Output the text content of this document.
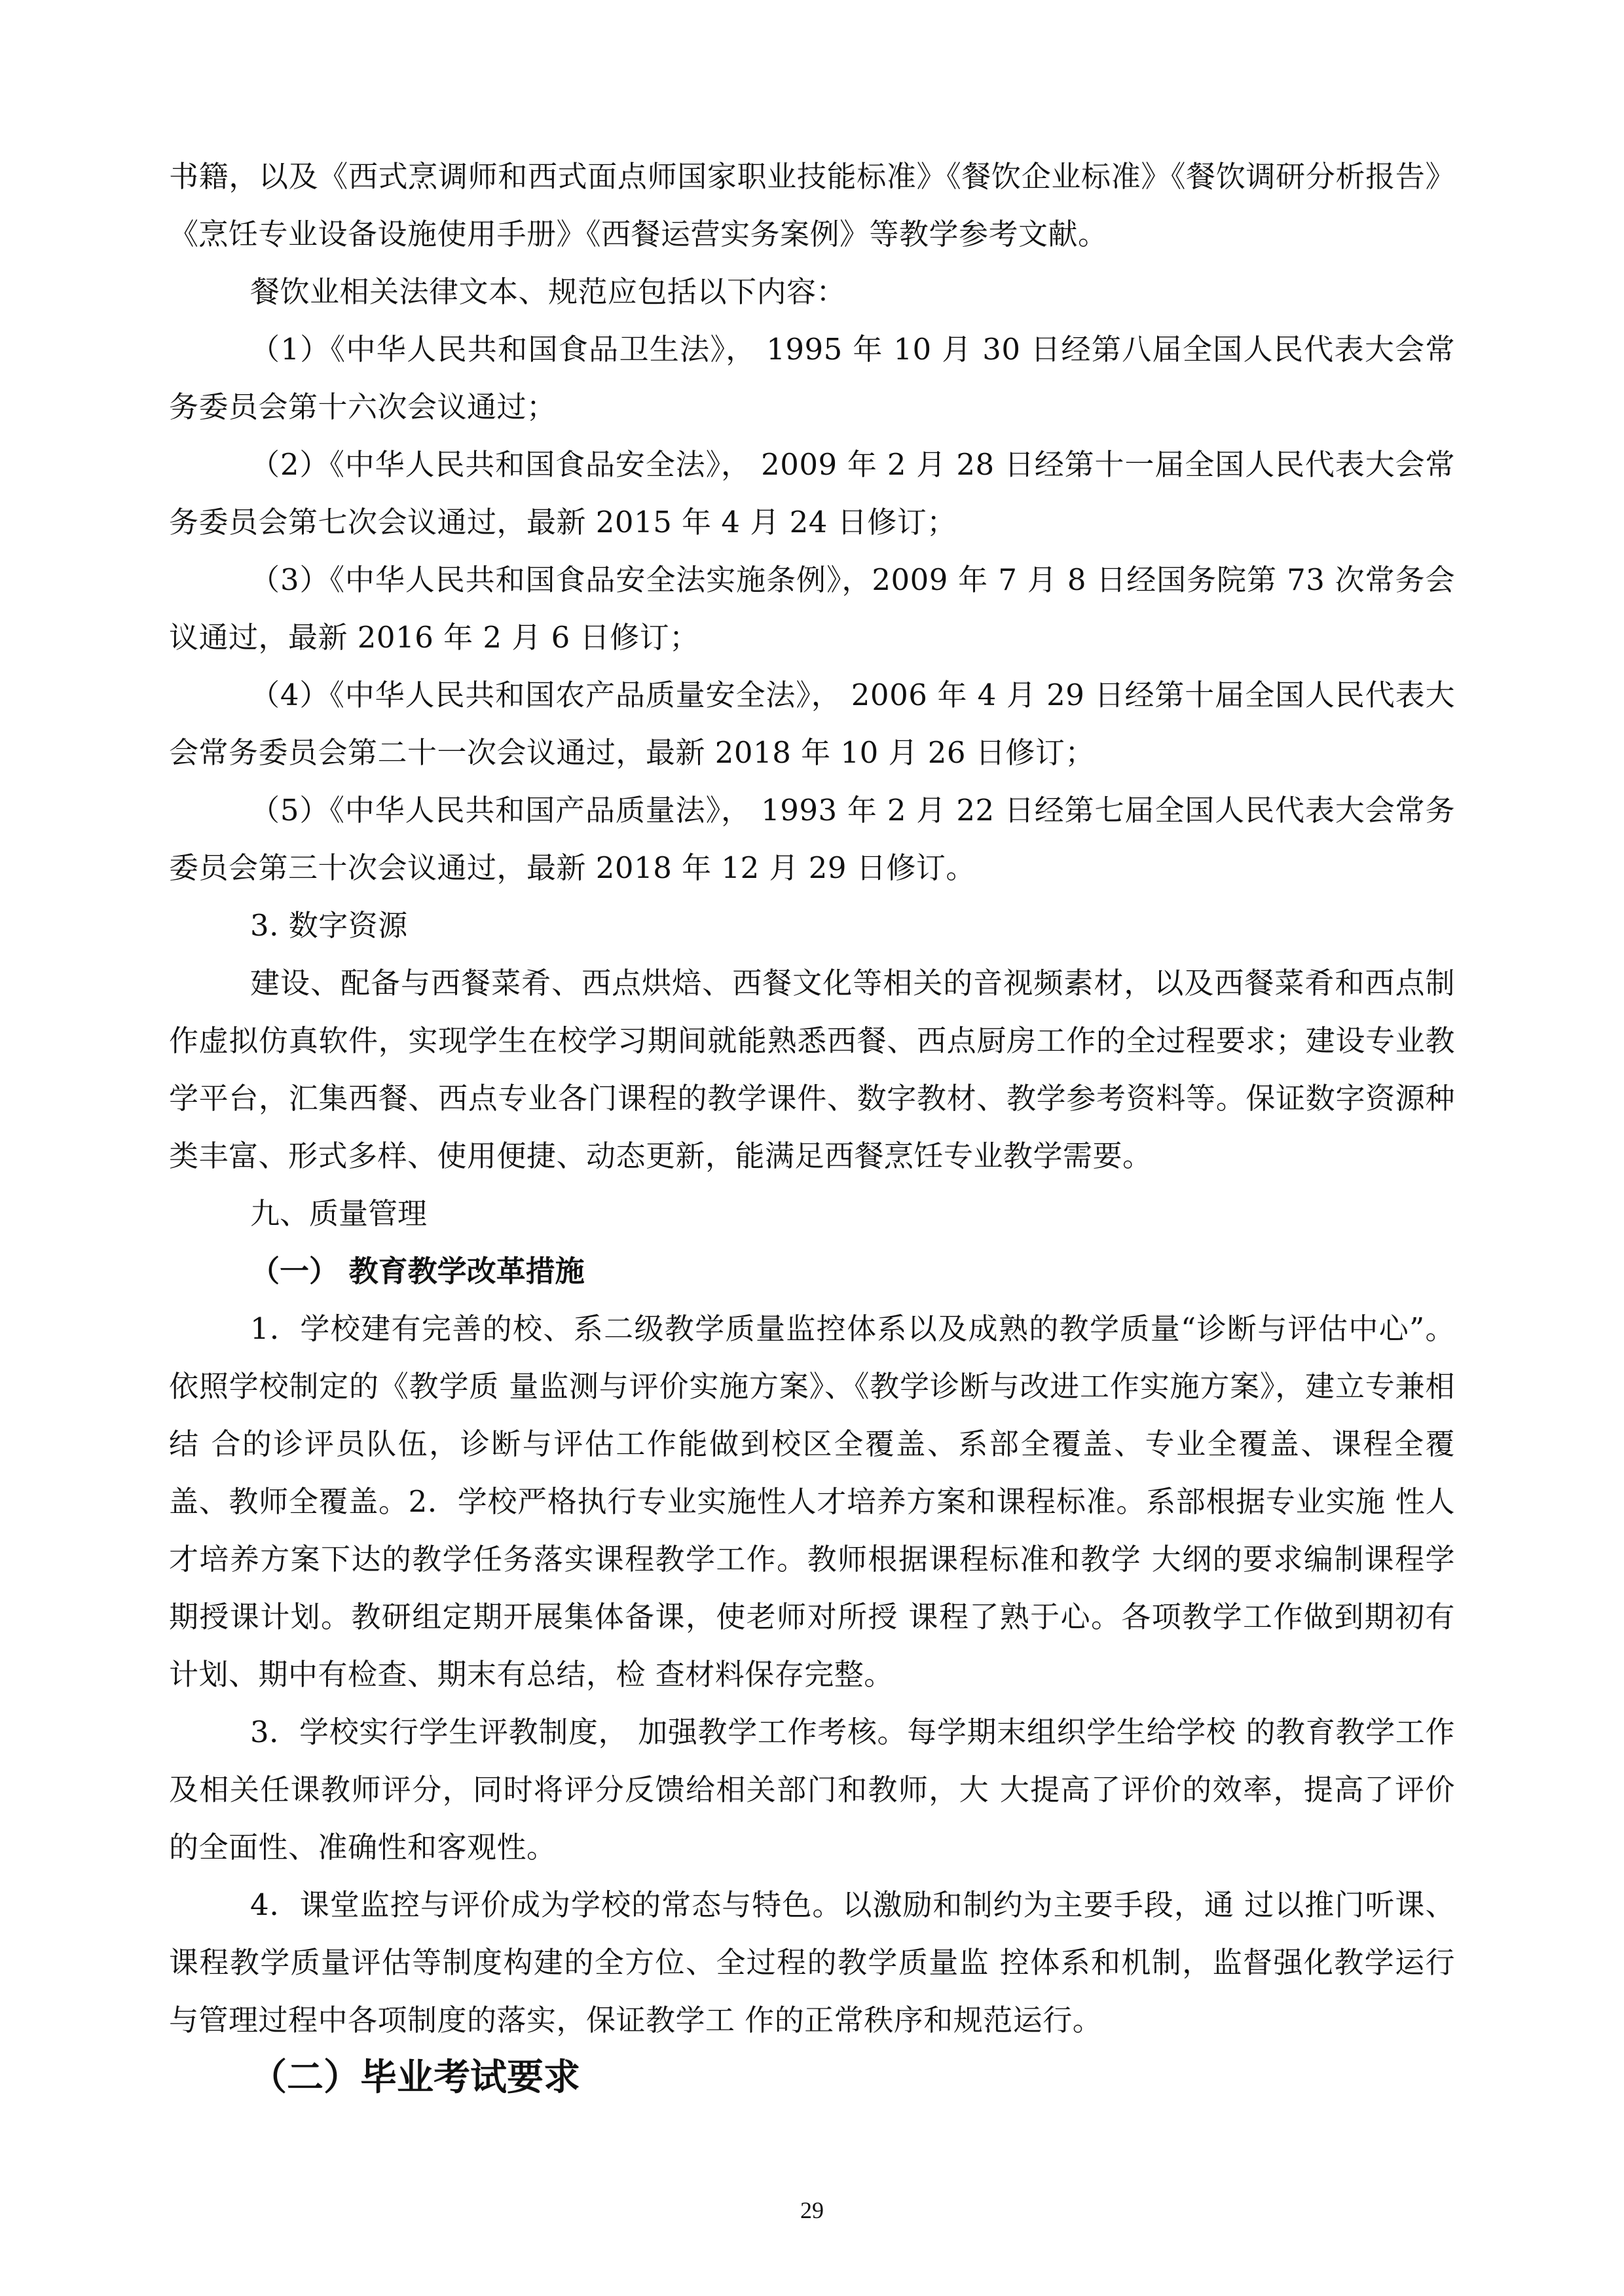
书籍，以及《西式烹调师和西式面点师国家职业技能标准》《餐饮企业标准》《餐饮调研分析报告》《烹饪专业设备设施使用手册》《西餐运营实务案例》等教学参考文献。

餐饮业相关法律文本、规范应包括以下内容：

（1）《中华人民共和国食品卫生法》， 1995 年 10 月 30 日经第八届全国人民代表大会常务委员会第十六次会议通过；

（2）《中华人民共和国食品安全法》， 2009 年 2 月 28 日经第十一届全国人民代表大会常务委员会第七次会议通过，最新 2015 年 4 月 24 日修订；

（3）《中华人民共和国食品安全法实施条例》，2009 年 7 月 8 日经国务院第 73 次常务会议通过，最新 2016 年 2 月 6 日修订；

（4）《中华人民共和国农产品质量安全法》， 2006 年 4 月 29 日经第十届全国人民代表大会常务委员会第二十一次会议通过，最新 2018 年 10 月 26 日修订；

（5）《中华人民共和国产品质量法》， 1993 年 2 月 22 日经第七届全国人民代表大会常务委员会第三十次会议通过，最新 2018 年 12 月 29 日修订。

3. 数字资源

建设、配备与西餐菜肴、西点烘焙、西餐文化等相关的音视频素材，以及西餐菜肴和西点制作虚拟仿真软件，实现学生在校学习期间就能熟悉西餐、西点厨房工作的全过程要求；建设专业教学平台，汇集西餐、西点专业各门课程的教学课件、数字教材、教学参考资料等。保证数字资源种类丰富、形式多样、使用便捷、动态更新，能满足西餐烹饪专业教学需要。

九、质量管理

（一） 教育教学改革措施

1．学校建有完善的校、系二级教学质量监控体系以及成熟的教学质量“诊断与评估中心”。 依照学校制定的《教学质 量监测与评价实施方案》、《教学诊断与改进工作实施方案》，建立专兼相结 合的诊评员队伍，诊断与评估工作能做到校区全覆盖、系部全覆盖、专业全覆盖、课程全覆盖、教师全覆盖。2．学校严格执行专业实施性人才培养方案和课程标准。系部根据专业实施 性人才培养方案下达的教学任务落实课程教学工作。教师根据课程标准和教学 大纲的要求编制课程学期授课计划。教研组定期开展集体备课，使老师对所授 课程了熟于心。各项教学工作做到期初有计划、期中有检查、期末有总结，检 查材料保存完整。

3．学校实行学生评教制度， 加强教学工作考核。每学期末组织学生给学校 的教育教学工作及相关任课教师评分，同时将评分反馈给相关部门和教师，大 大提高了评价的效率，提高了评价的全面性、准确性和客观性。

4．课堂监控与评价成为学校的常态与特色。以激励和制约为主要手段，通 过以推门听课、课程教学质量评估等制度构建的全方位、全过程的教学质量监 控体系和机制，监督强化教学运行与管理过程中各项制度的落实，保证教学工 作的正常秩序和规范运行。

（二）毕业考试要求

29
